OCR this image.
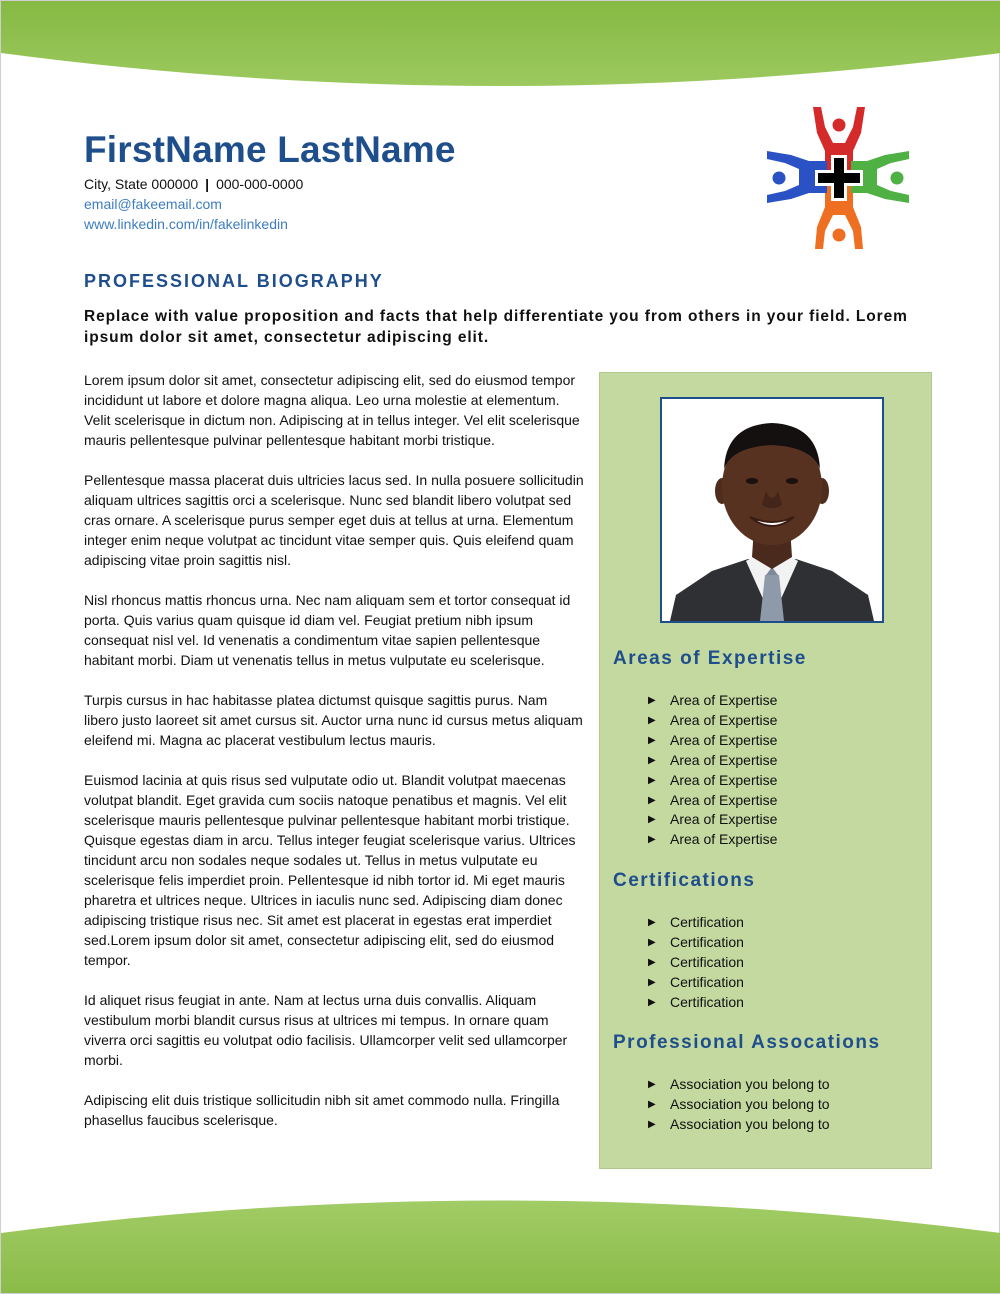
FirstName LastName
City, State 000000 | 000-000-0000
email@fakeemail.com
www.linkedin.com/in/fakelinkedin
PROFESSIONAL BIOGRAPHY
Replace with value proposition and facts that help differentiate you from others in your field. Lorem ipsum dolor sit amet, consectetur adipiscing elit.

Lorem ipsum dolor sit amet, consectetur adipiscing elit, sed do eiusmod tempor incididunt ut labore et dolore magna aliqua. Leo urna molestie at elementum. Velit scelerisque in dictum non. Adipiscing at in tellus integer. Vel elit scelerisque mauris pellentesque pulvinar pellentesque habitant morbi tristique.

Pellentesque massa placerat duis ultricies lacus sed. In nulla posuere sollicitudin aliquam ultrices sagittis orci a scelerisque. Nunc sed blandit libero volutpat sed cras ornare. A scelerisque purus semper eget duis at tellus at urna. Elementum integer enim neque volutpat ac tincidunt vitae semper quis. Quis eleifend quam adipiscing vitae proin sagittis nisl.

Nisl rhoncus mattis rhoncus urna. Nec nam aliquam sem et tortor consequat id porta. Quis varius quam quisque id diam vel. Feugiat pretium nibh ipsum consequat nisl vel. Id venenatis a condimentum vitae sapien pellentesque habitant morbi. Diam ut venenatis tellus in metus vulputate eu scelerisque.

Turpis cursus in hac habitasse platea dictumst quisque sagittis purus. Nam libero justo laoreet sit amet cursus sit. Auctor urna nunc id cursus metus aliquam eleifend mi. Magna ac placerat vestibulum lectus mauris.

Euismod lacinia at quis risus sed vulputate odio ut. Blandit volutpat maecenas volutpat blandit. Eget gravida cum sociis natoque penatibus et magnis. Vel elit scelerisque mauris pellentesque pulvinar pellentesque habitant morbi tristique. Quisque egestas diam in arcu. Tellus integer feugiat scelerisque varius. Ultrices tincidunt arcu non sodales neque sodales ut. Tellus in metus vulputate eu scelerisque felis imperdiet proin. Pellentesque id nibh tortor id. Mi eget mauris pharetra et ultrices neque. Ultrices in iaculis nunc sed. Adipiscing diam donec adipiscing tristique risus nec. Sit amet est placerat in egestas erat imperdiet sed.Lorem ipsum dolor sit amet, consectetur adipiscing elit, sed do eiusmod tempor.

Id aliquet risus feugiat in ante. Nam at lectus urna duis convallis. Aliquam vestibulum morbi blandit cursus risus at ultrices mi tempus. In ornare quam viverra orci sagittis eu volutpat odio facilisis. Ullamcorper velit sed ullamcorper morbi.

Adipiscing elit duis tristique sollicitudin nibh sit amet commodo nulla. Fringilla phasellus faucibus scelerisque.

Areas of Expertise
▶ Area of Expertise
▶ Area of Expertise
▶ Area of Expertise
▶ Area of Expertise
▶ Area of Expertise
▶ Area of Expertise
▶ Area of Expertise
▶ Area of Expertise
Certifications
▶ Certification
▶ Certification
▶ Certification
▶ Certification
▶ Certification
Professional Assocations
▶ Association you belong to
▶ Association you belong to
▶ Association you belong to
